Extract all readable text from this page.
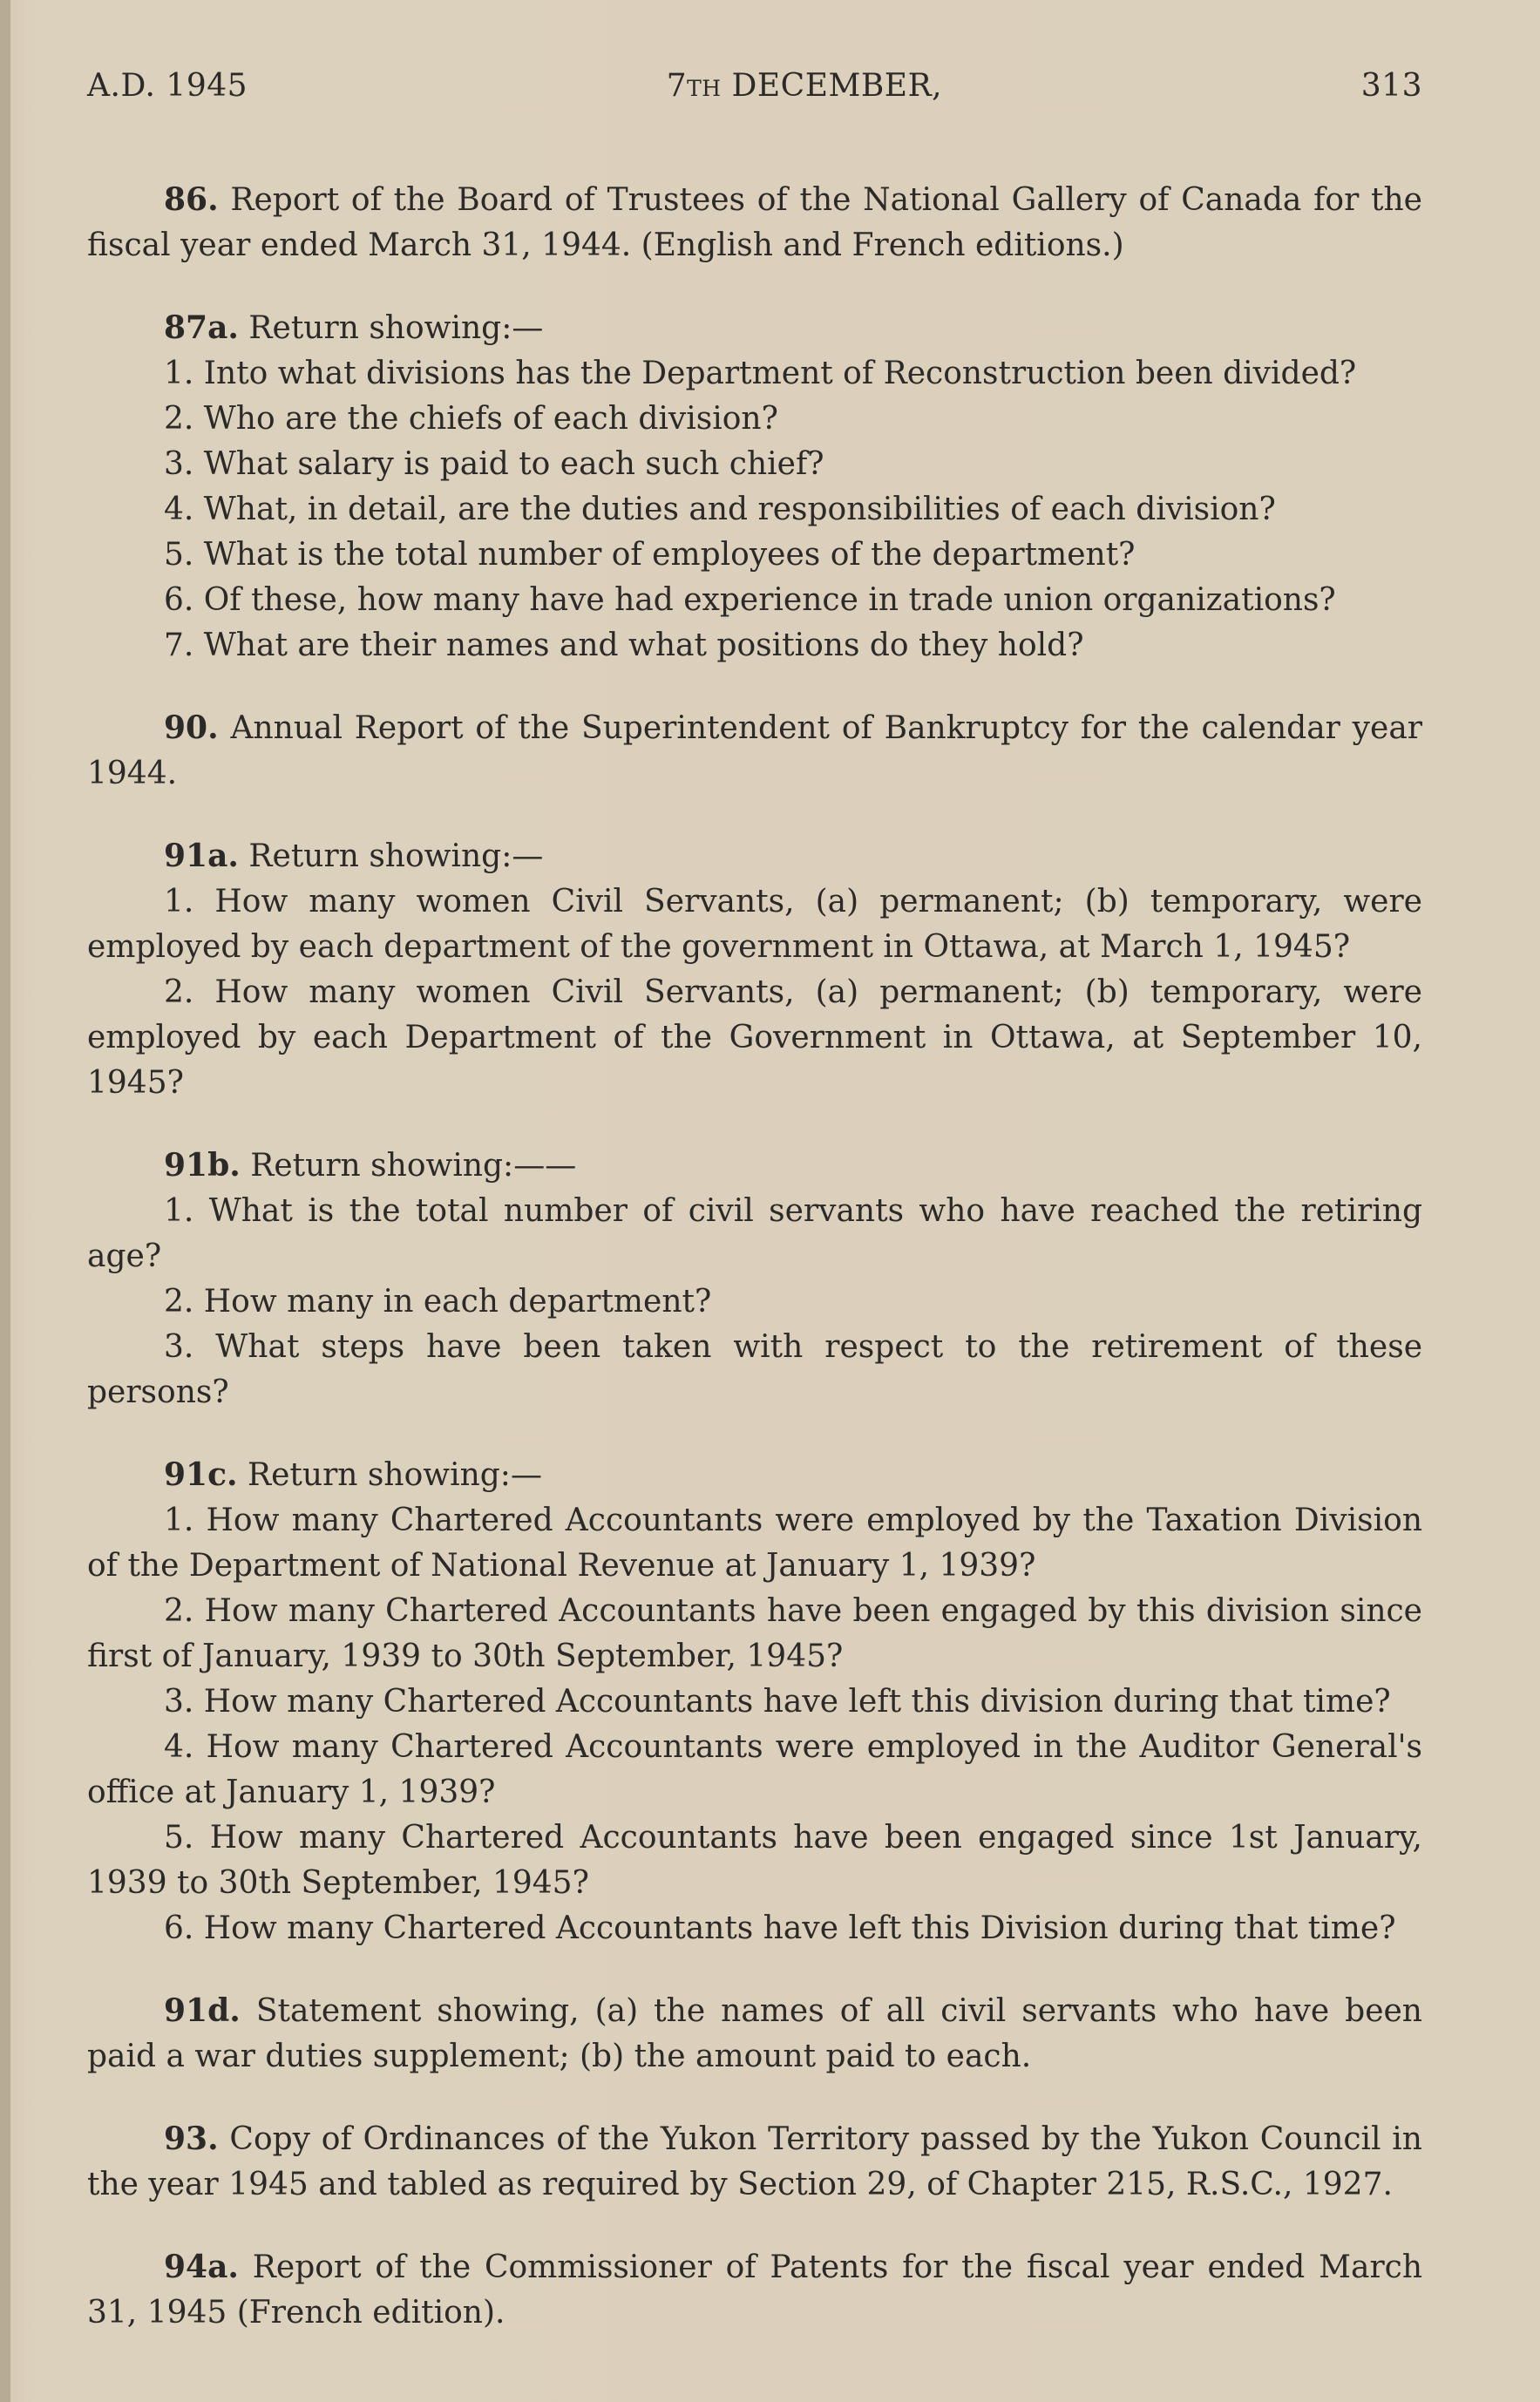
A.D. 1945	7th DECEMBER,	313

86. Report of the Board of Trustees of the National Gallery of Canada for the fiscal year ended March 31, 1944. (English and French editions.)

87a. Return showing:—

1. Into what divisions has the Department of Reconstruction been divided?
2. Who are the chiefs of each division?
3. What salary is paid to each such chief?
4. What, in detail, are the duties and responsibilities of each division?
5. What is the total number of employees of the department?
6. Of these, how many have had experience in trade union organizations?
7. What are their names and what positions do they hold?

90. Annual Report of the Superintendent of Bankruptcy for the calendar year 1944.

91a. Return showing:—

1. How many women Civil Servants, (a) permanent; (b) temporary, were employed by each department of the government in Ottawa, at March 1, 1945?
2. How many women Civil Servants, (a) permanent; (b) temporary, were employed by each Department of the Government in Ottawa, at September 10, 1945?

91b. Return showing:——

1. What is the total number of civil servants who have reached the retiring age?
2. How many in each department?
3. What steps have been taken with respect to the retirement of these persons?

91c. Return showing:—

1. How many Chartered Accountants were employed by the Taxation Division of the Department of National Revenue at January 1, 1939?
2. How many Chartered Accountants have been engaged by this division since first of January, 1939 to 30th September, 1945?
3. How many Chartered Accountants have left this division during that time?
4. How many Chartered Accountants were employed in the Auditor General's office at January 1, 1939?
5. How many Chartered Accountants have been engaged since 1st January, 1939 to 30th September, 1945?
6. How many Chartered Accountants have left this Division during that time?

91d. Statement showing, (a) the names of all civil servants who have been paid a war duties supplement; (b) the amount paid to each.

93. Copy of Ordinances of the Yukon Territory passed by the Yukon Council in the year 1945 and tabled as required by Section 29, of Chapter 215, R.S.C., 1927.

94a. Report of the Commissioner of Patents for the fiscal year ended March 31, 1945 (French edition).
